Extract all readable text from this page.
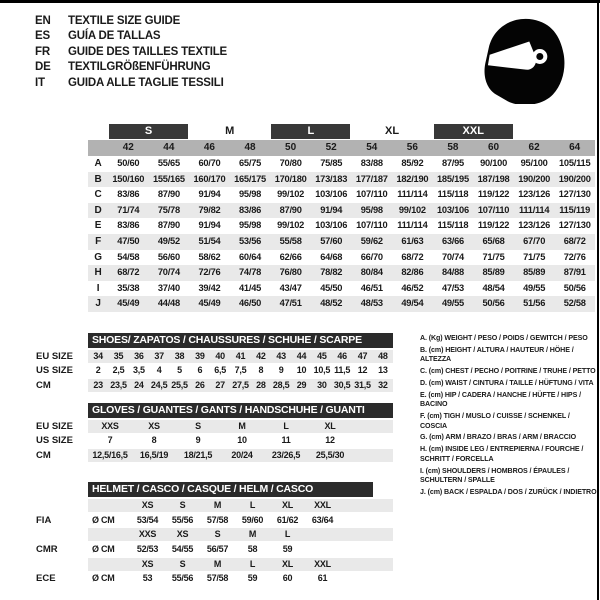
EN	TEXTILE SIZE GUIDE
ES	GUÍA DE TALLAS
FR	GUIDE DES TAILLES TEXTILE
DE	TEXTILGRÖßENFÜHRUNG
IT	GUIDA ALLE TAGLIE TESSILI
S	M	L	XL	XXL
42	44	46	48	50	52	54	56	58	60	62	64
A	50/60	55/65	60/70	65/75	70/80	75/85	83/88	85/92	87/95	90/100	95/100	105/115
B	150/160 155/165 160/170 165/175 170/180 173/183 177/187 182/190 185/195 187/198 190/200 190/200
C	83/86	87/90	91/94	95/98	99/102	103/106 107/110	111/114	115/118	119/122 123/126 127/130
D	71/74	75/78	79/82	83/86	87/90	91/94	95/98	99/102	103/106 107/110	111/114	115/119
E	83/86	87/90	91/94	95/98	99/102	103/106 107/110	111/114	115/118	119/122 123/126 127/130
F	47/50	49/52	51/54	53/56	55/58	57/60	59/62	61/63	63/66	65/68	67/70	68/72
G	54/58	56/60	58/62	60/64	62/66	64/68	66/70	68/72	70/74	71/75	71/75	72/76
H	68/72	70/74	72/76	74/78	76/80	78/82	80/84	82/86	84/88	85/89	85/89	87/91
I	35/38	37/40	39/42	41/45	43/47	45/50	46/51	46/52	47/53	48/54	49/55	50/56
J	45/49	44/48	45/49	46/50	47/51	48/52	48/53	49/54	49/55	50/56	51/56	52/58
SHOES/ ZAPATOS / CHAUSSURES / SCHUHE / SCARPE
EU SIZE	34	35	36	37	38	39	40	41	42	43	44	45	46	47	48
US SIZE	2	2,5 3,5	4	5	6	6,5 7,5	8	9	10 10,5 11,5 12	13
CM	23 23,5 24 24,5 25,5 26	27 27,5 28 28,5 29	30 30,5 31,5 32
GLOVES / GUANTES / GANTS / HANDSCHUHE / GUANTI
EU SIZE	XXS	XS	S	M	L	XL
US SIZE	7	8	9	10	11	12
CM	12,5/16,5	16,5/19	18/21,5	20/24	23/26,5	25,5/30
HELMET / CASCO / CASQUE / HELM / CASCO
XS	S	M	L	XL	XXL
FIA	Ø CM	53/54	55/56	57/58	59/60	61/62	63/64
XXS	XS	S	M	L
CMR	Ø CM	52/53	54/55	56/57	58	59
XS	S	M	L	XL	XXL
ECE	Ø CM	53	55/56	57/58	59	60	61
A. (Kg) WEIGHT / PESO / POIDS / GEWITCH / PESO
B. (cm) HEIGHT / ALTURA / HAUTEUR / HÖHE / ALTEZZA
C. (cm) CHEST / PECHO / POITRINE / TRUHE / PETTO
D. (cm) WAIST / CINTURA / TAILLE / HÜFTUNG / VITA
E. (cm) HIP / CADERA / HANCHE / HÜFTE / HIPS / BACINO
F. (cm) TIGH / MUSLO / CUISSE / SCHENKEL / COSCIA
G. (cm) ARM / BRAZO / BRAS / ARM / BRACCIO
H. (cm) INSIDE LEG / ENTREPIERNA / FOURCHE / SCHRITT / FORCELLA
I. (cm) SHOULDERS / HOMBROS / ÉPAULES / SCHULTERN / SPALLE
J. (cm) BACK / ESPALDA / DOS / ZURÜCK / INDIETRO
